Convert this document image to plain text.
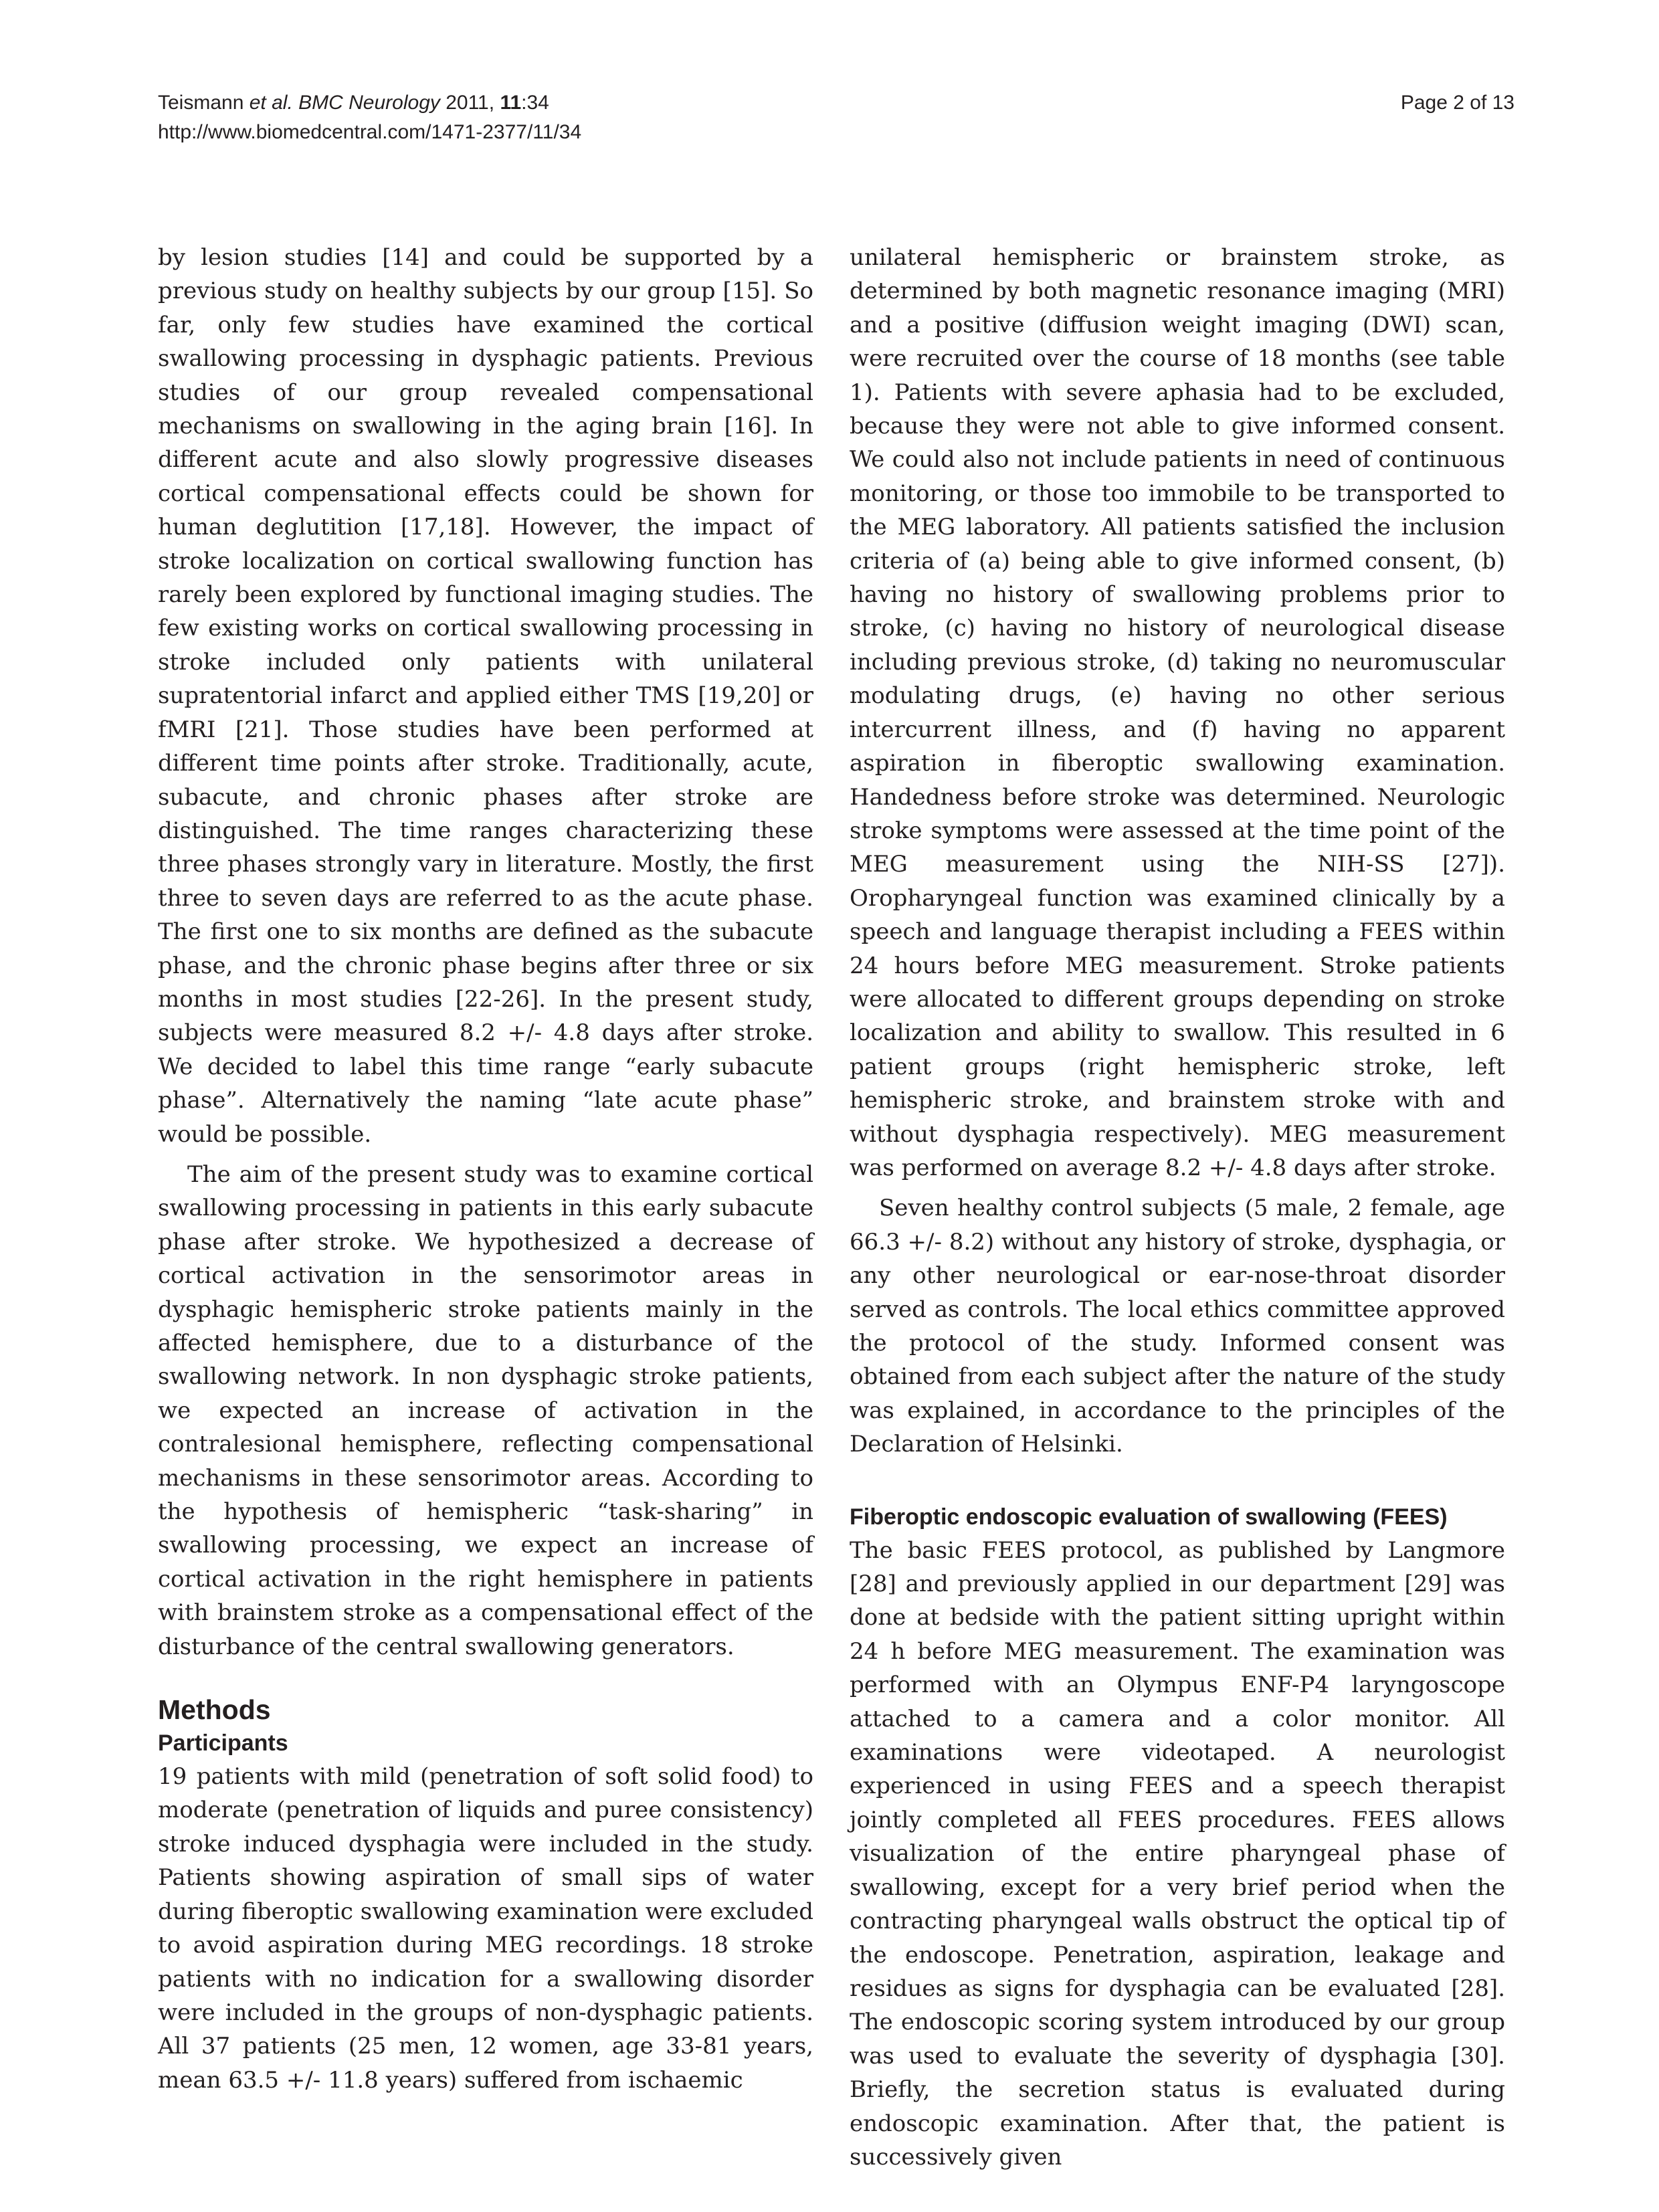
Teismann et al. BMC Neurology 2011, 11:34
http://www.biomedcentral.com/1471-2377/11/34
Page 2 of 13

by lesion studies [14] and could be supported by a previous study on healthy subjects by our group [15]. So far, only few studies have examined the cortical swallowing processing in dysphagic patients. Previous studies of our group revealed compensational mechanisms on swallowing in the aging brain [16]. In different acute and also slowly progressive diseases cortical compensational effects could be shown for human deglutition [17,18]. However, the impact of stroke localization on cortical swallowing function has rarely been explored by functional imaging studies. The few existing works on cortical swallowing processing in stroke included only patients with unilateral supratentorial infarct and applied either TMS [19,20] or fMRI [21]. Those studies have been performed at different time points after stroke. Traditionally, acute, subacute, and chronic phases after stroke are distinguished. The time ranges characterizing these three phases strongly vary in literature. Mostly, the first three to seven days are referred to as the acute phase. The first one to six months are defined as the subacute phase, and the chronic phase begins after three or six months in most studies [22-26]. In the present study, subjects were measured 8.2 +/- 4.8 days after stroke. We decided to label this time range “early subacute phase”. Alternatively the naming “late acute phase” would be possible.

The aim of the present study was to examine cortical swallowing processing in patients in this early subacute phase after stroke. We hypothesized a decrease of cortical activation in the sensorimotor areas in dysphagic hemispheric stroke patients mainly in the affected hemisphere, due to a disturbance of the swallowing network. In non dysphagic stroke patients, we expected an increase of activation in the contralesional hemisphere, reflecting compensational mechanisms in these sensorimotor areas. According to the hypothesis of hemispheric “task-sharing” in swallowing processing, we expect an increase of cortical activation in the right hemisphere in patients with brainstem stroke as a compensational effect of the disturbance of the central swallowing generators.

Methods
Participants

19 patients with mild (penetration of soft solid food) to moderate (penetration of liquids and puree consistency) stroke induced dysphagia were included in the study. Patients showing aspiration of small sips of water during fiberoptic swallowing examination were excluded to avoid aspiration during MEG recordings. 18 stroke patients with no indication for a swallowing disorder were included in the groups of non-dysphagic patients. All 37 patients (25 men, 12 women, age 33-81 years, mean 63.5 +/- 11.8 years) suffered from ischaemic

unilateral hemispheric or brainstem stroke, as determined by both magnetic resonance imaging (MRI) and a positive (diffusion weight imaging (DWI) scan, were recruited over the course of 18 months (see table 1). Patients with severe aphasia had to be excluded, because they were not able to give informed consent. We could also not include patients in need of continuous monitoring, or those too immobile to be transported to the MEG laboratory. All patients satisfied the inclusion criteria of (a) being able to give informed consent, (b) having no history of swallowing problems prior to stroke, (c) having no history of neurological disease including previous stroke, (d) taking no neuromuscular modulating drugs, (e) having no other serious intercurrent illness, and (f) having no apparent aspiration in fiberoptic swallowing examination. Handedness before stroke was determined. Neurologic stroke symptoms were assessed at the time point of the MEG measurement using the NIH-SS [27]). Oropharyngeal function was examined clinically by a speech and language therapist including a FEES within 24 hours before MEG measurement. Stroke patients were allocated to different groups depending on stroke localization and ability to swallow. This resulted in 6 patient groups (right hemispheric stroke, left hemispheric stroke, and brainstem stroke with and without dysphagia respectively). MEG measurement was performed on average 8.2 +/- 4.8 days after stroke.

Seven healthy control subjects (5 male, 2 female, age 66.3 +/- 8.2) without any history of stroke, dysphagia, or any other neurological or ear-nose-throat disorder served as controls. The local ethics committee approved the protocol of the study. Informed consent was obtained from each subject after the nature of the study was explained, in accordance to the principles of the Declaration of Helsinki.

Fiberoptic endoscopic evaluation of swallowing (FEES)

The basic FEES protocol, as published by Langmore [28] and previously applied in our department [29] was done at bedside with the patient sitting upright within 24 h before MEG measurement. The examination was performed with an Olympus ENF-P4 laryngoscope attached to a camera and a color monitor. All examinations were videotaped. A neurologist experienced in using FEES and a speech therapist jointly completed all FEES procedures. FEES allows visualization of the entire pharyngeal phase of swallowing, except for a very brief period when the contracting pharyngeal walls obstruct the optical tip of the endoscope. Penetration, aspiration, leakage and residues as signs for dysphagia can be evaluated [28]. The endoscopic scoring system introduced by our group was used to evaluate the severity of dysphagia [30]. Briefly, the secretion status is evaluated during endoscopic examination. After that, the patient is successively given
